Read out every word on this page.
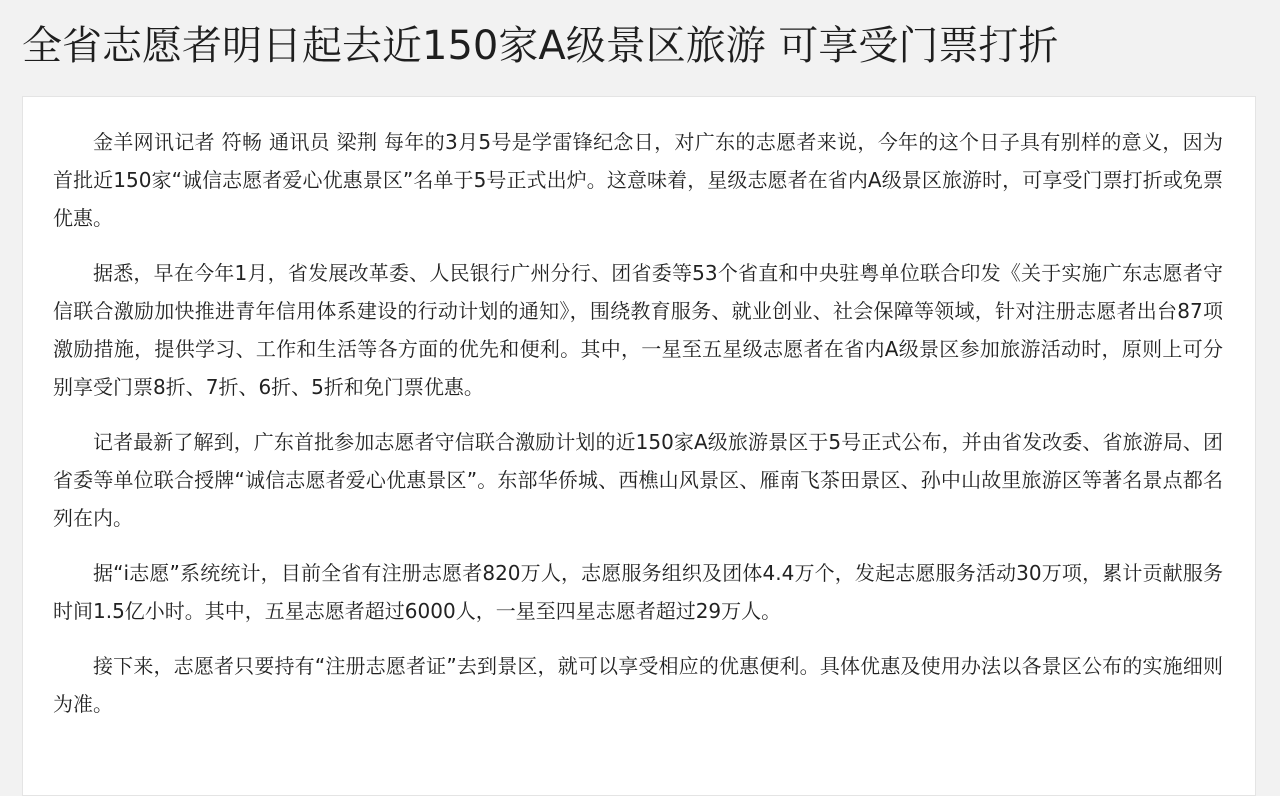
全省志愿者明日起去近150家A级景区旅游 可享受门票打折

金羊网讯记者 符畅 通讯员 梁荆 每年的3月5号是学雷锋纪念日，对广东的志愿者来说，今年的这个日子具有别样的意义，因为首批近150家“诚信志愿者爱心优惠景区”名单于5号正式出炉。这意味着，星级志愿者在省内A级景区旅游时，可享受门票打折或免票优惠。

据悉，早在今年1月，省发展改革委、人民银行广州分行、团省委等53个省直和中央驻粤单位联合印发《关于实施广东志愿者守信联合激励加快推进青年信用体系建设的行动计划的通知》，围绕教育服务、就业创业、社会保障等领域，针对注册志愿者出台87项激励措施，提供学习、工作和生活等各方面的优先和便利。其中，一星至五星级志愿者在省内A级景区参加旅游活动时，原则上可分别享受门票8折、7折、6折、5折和免门票优惠。

记者最新了解到，广东首批参加志愿者守信联合激励计划的近150家A级旅游景区于5号正式公布，并由省发改委、省旅游局、团省委等单位联合授牌“诚信志愿者爱心优惠景区”。东部华侨城、西樵山风景区、雁南飞茶田景区、孙中山故里旅游区等著名景点都名列在内。

据“i志愿”系统统计，目前全省有注册志愿者820万人，志愿服务组织及团体4.4万个，发起志愿服务活动30万项，累计贡献服务时间1.5亿小时。其中，五星志愿者超过6000人，一星至四星志愿者超过29万人。

接下来，志愿者只要持有“注册志愿者证”去到景区，就可以享受相应的优惠便利。具体优惠及使用办法以各景区公布的实施细则为准。
